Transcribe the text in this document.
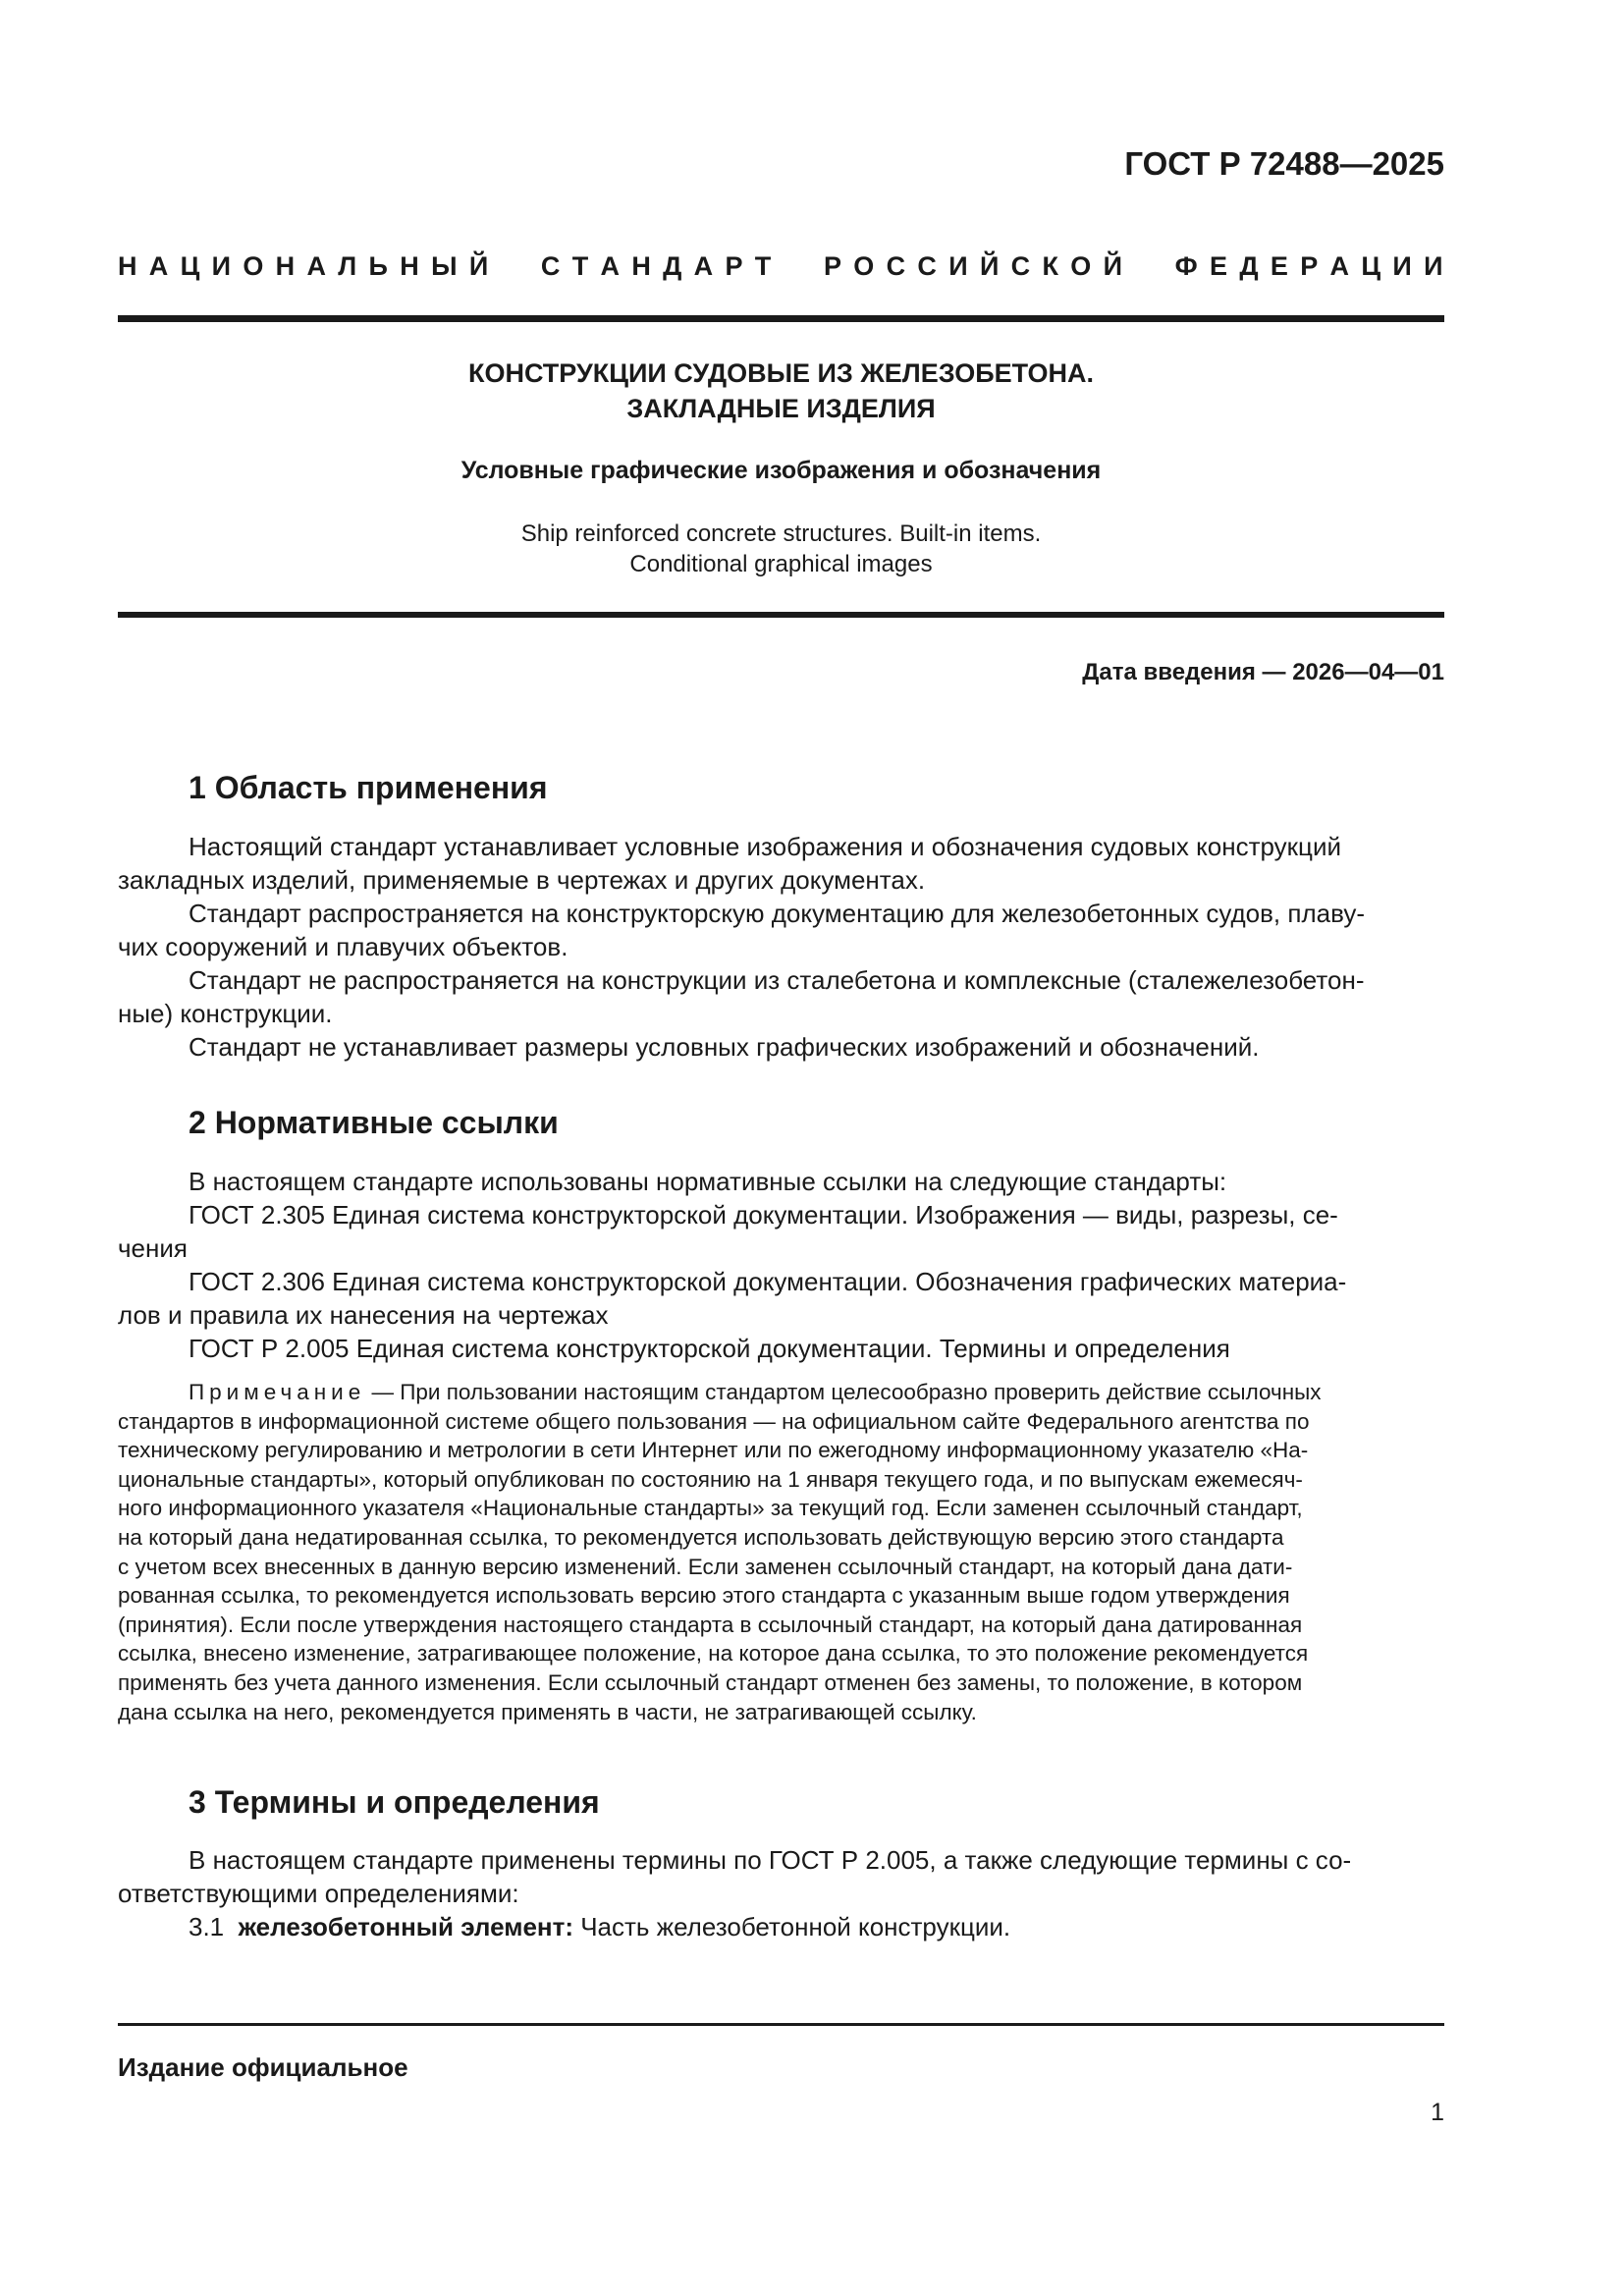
ГОСТ Р 72488—2025
Н  А  Ц  И  О  Н  А  Л  Ь  Н  Ы  Й С  Т  А  Н  Д  А  Р  Т Р  О  С  С  И  Й  С  К  О  Й Ф  Е  Д  Е  Р  А  Ц  И  И
КОНСТРУКЦИИ СУДОВЫЕ ИЗ ЖЕЛЕЗОБЕТОНА.
ЗАКЛАДНЫЕ ИЗДЕЛИЯ
Условные графические изображения и обозначения
Ship reinforced concrete structures. Built-in items.
Conditional graphical images
Дата введения — 2026—04—01
1 Область применения
Настоящий стандарт устанавливает условные изображения и обозначения судовых конструкций
закладных изделий, применяемые в чертежах и других документах.
Стандарт распространяется на конструкторскую документацию для железобетонных судов, плаву-
чих сооружений и плавучих объектов.
Стандарт не распространяется на конструкции из сталебетона и комплексные (сталежелезобетон-
ные) конструкции.
Стандарт не устанавливает размеры условных графических изображений и обозначений.
2 Нормативные ссылки
В настоящем стандарте использованы нормативные ссылки на следующие стандарты:
ГОСТ 2.305 Единая система конструкторской документации. Изображения — виды, разрезы, се-
чения
ГОСТ 2.306 Единая система конструкторской документации. Обозначения графических материа-
лов и правила их нанесения на чертежах
ГОСТ Р 2.005 Единая система конструкторской документации. Термины и определения
Примечание — При пользовании настоящим стандартом целесообразно проверить действие ссылочных
стандартов в информационной системе общего пользования — на официальном сайте Федерального агентства по
техническому регулированию и метрологии в сети Интернет или по ежегодному информационному указателю «На-
циональные стандарты», который опубликован по состоянию на 1 января текущего года, и по выпускам ежемесяч-
ного информационного указателя «Национальные стандарты» за текущий год. Если заменен ссылочный стандарт,
на который дана недатированная ссылка, то рекомендуется использовать действующую версию этого стандарта
с учетом всех внесенных в данную версию изменений. Если заменен ссылочный стандарт, на который дана дати-
рованная ссылка, то рекомендуется использовать версию этого стандарта с указанным выше годом утверждения
(принятия). Если после утверждения настоящего стандарта в ссылочный стандарт, на который дана датированная
ссылка, внесено изменение, затрагивающее положение, на которое дана ссылка, то это положение рекомендуется
применять без учета данного изменения. Если ссылочный стандарт отменен без замены, то положение, в котором
дана ссылка на него, рекомендуется применять в части, не затрагивающей ссылку.
3 Термины и определения
В настоящем стандарте применены термины по ГОСТ Р 2.005, а также следующие термины с со-
ответствующими определениями:
3.1  железобетонный элемент: Часть железобетонной конструкции.
Издание официальное
1
